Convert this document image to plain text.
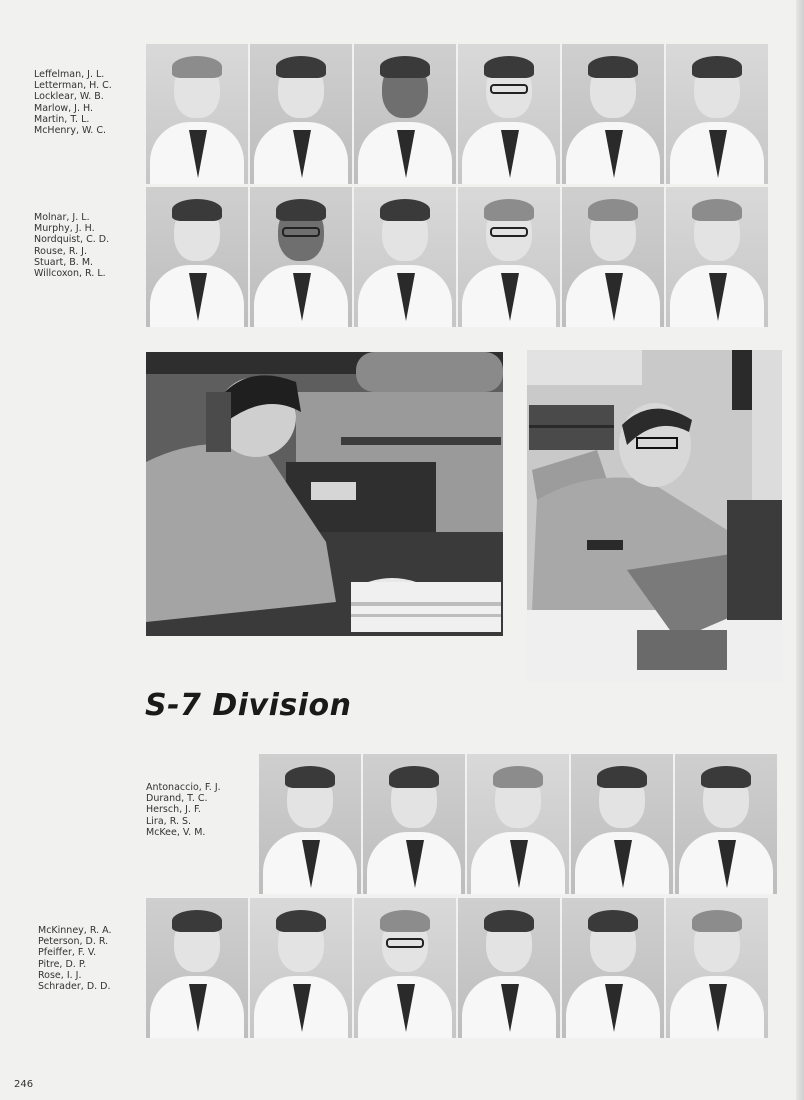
Leffelman, J. L.
Letterman, H. C.
Locklear, W. B.
Marlow, J. H.
Martin, T. L.
McHenry, W. C.
Molnar, J. L.
Murphy, J. H.
Nordquist, C. D.
Rouse, R. J.
Stuart, B. M.
Willcoxon, R. L.
S-7 Division
Antonaccio, F. J.
Durand, T. C.
Hersch, J. F.
Lira, R. S.
McKee, V. M.
McKinney, R. A.
Peterson, D. R.
Pfeiffer, F. V.
Pitre, D. P.
Rose, I. J.
Schrader, D. D.
246
